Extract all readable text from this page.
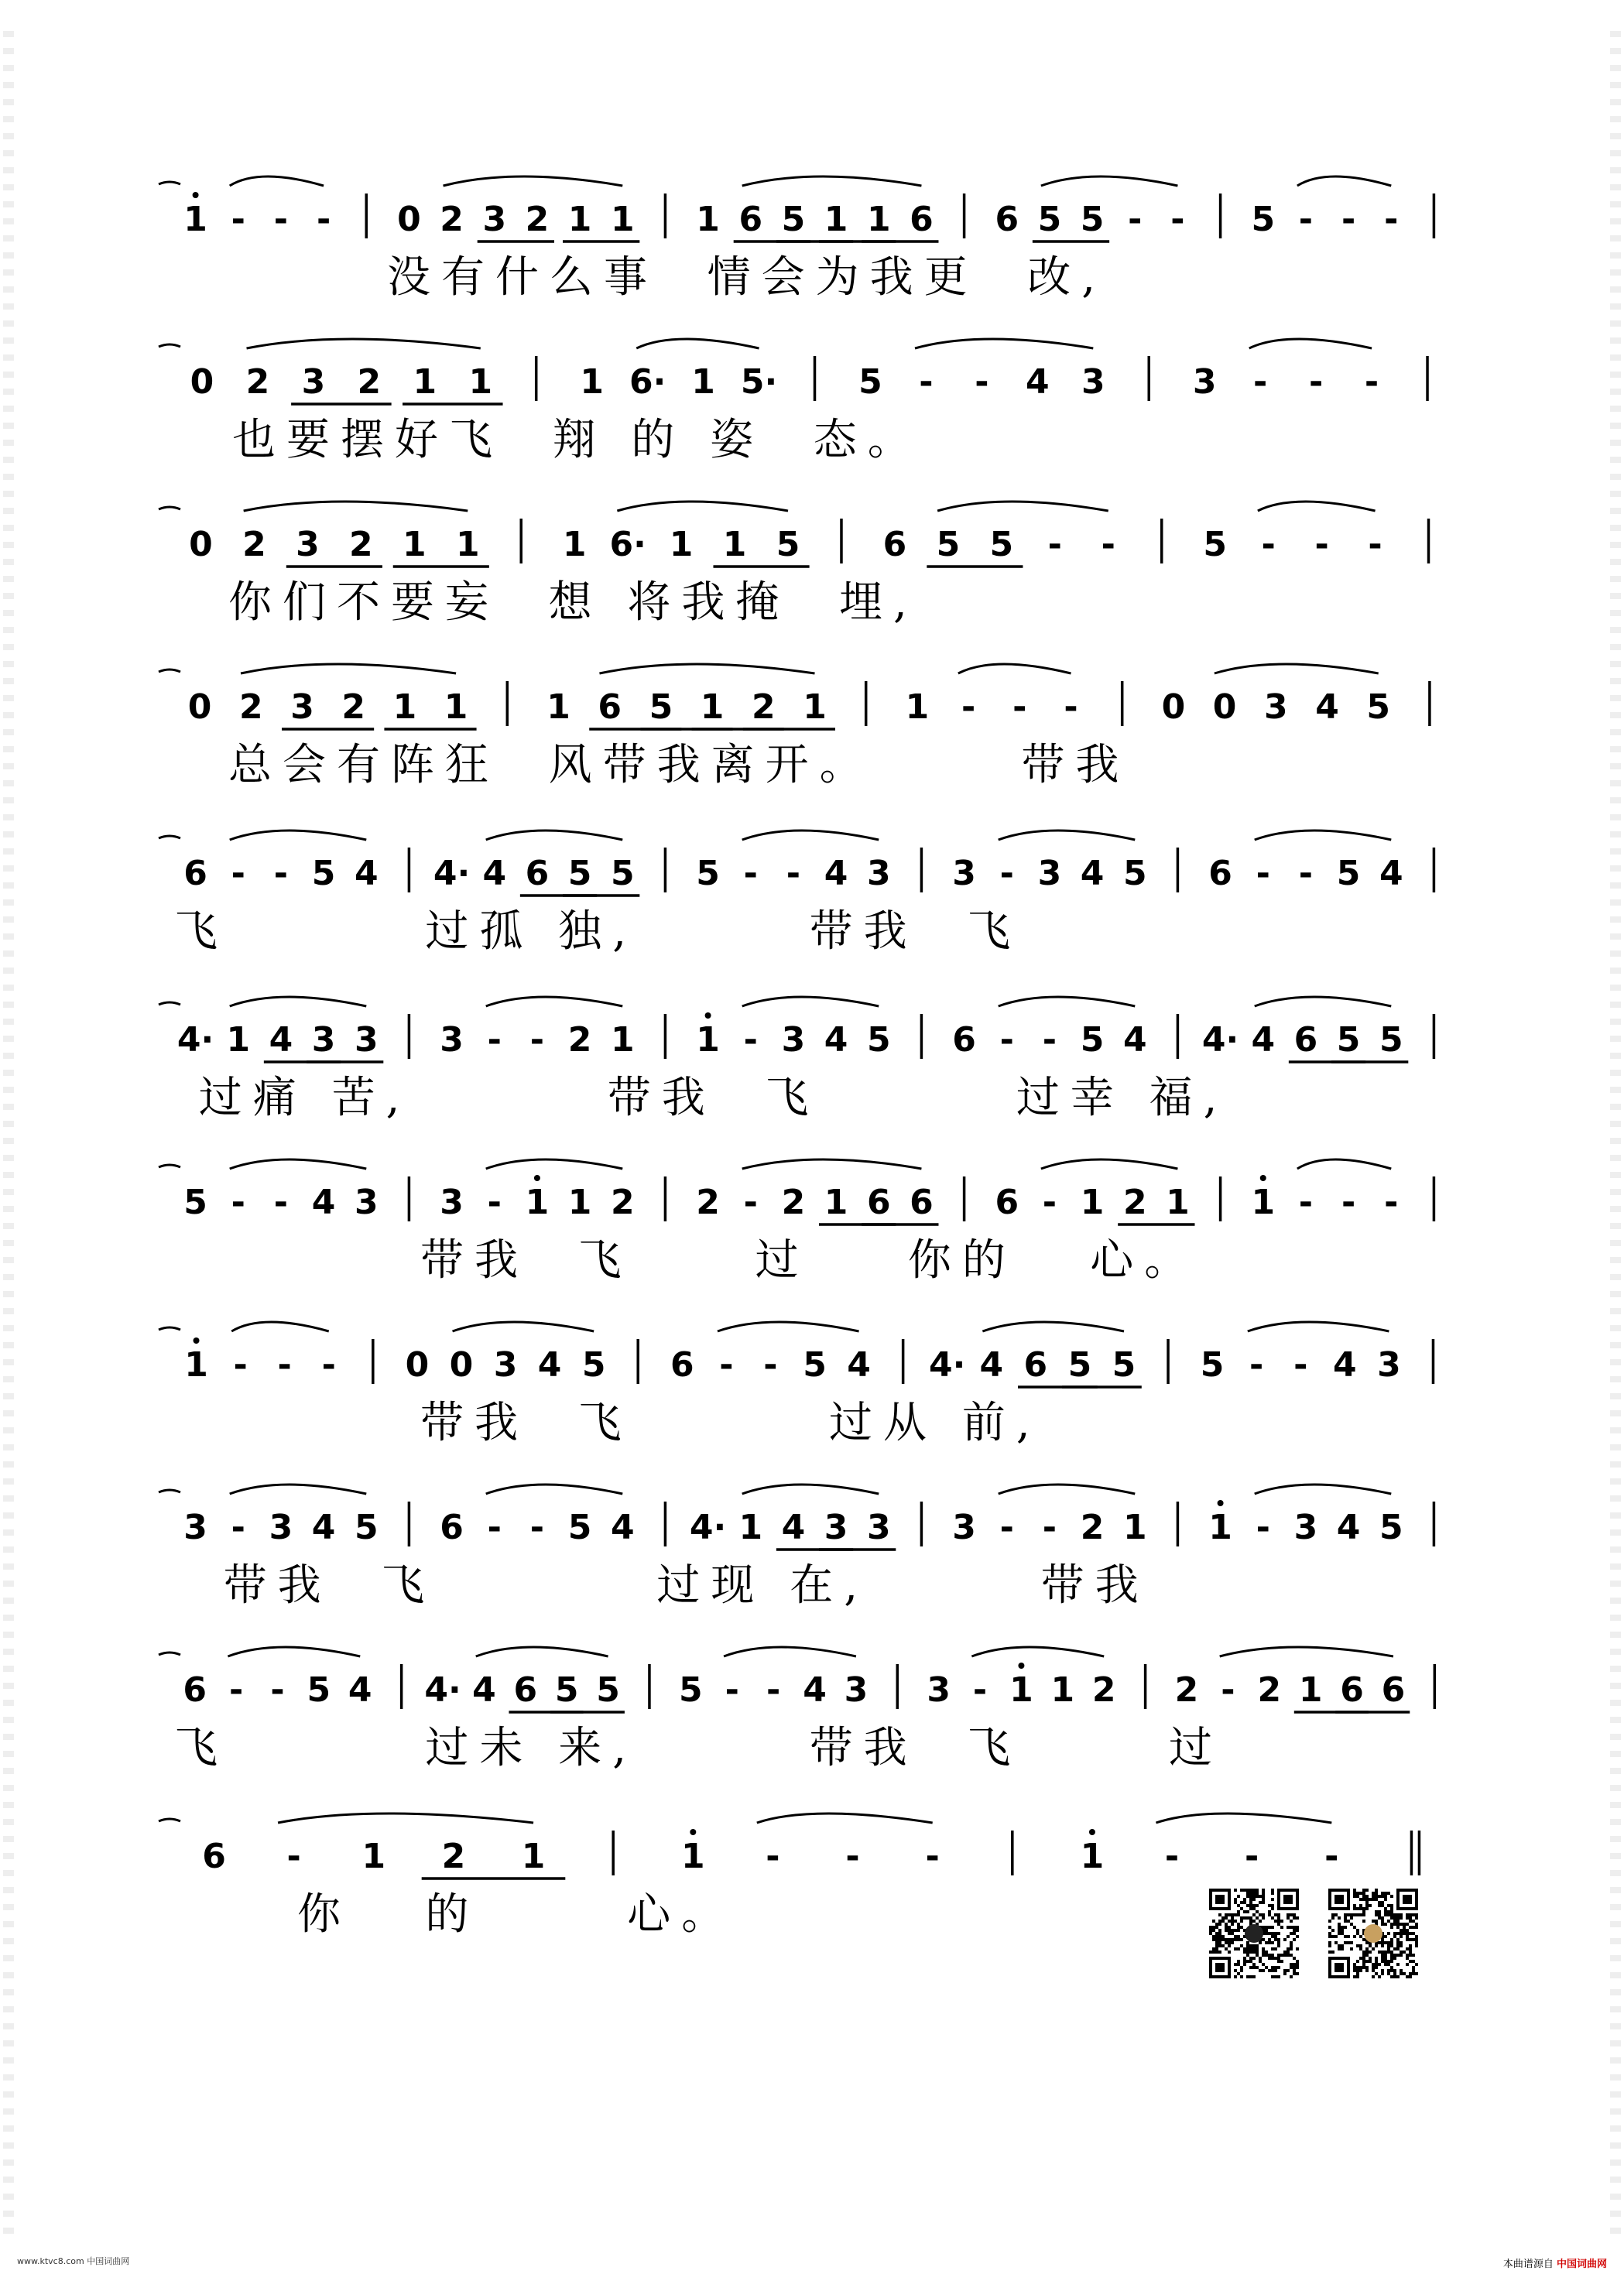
1 - - - 0 2 3 2 1 1 1 6 5 1 1 6 6 5 5 - - 5 - - -

没有什么事  情会为我更  改,

0 2 3 2 1 1	1 6· 1 5· 5 - - 4 3	3 - - -

也要摆好飞  翔 的 姿  态。

0 2 3 2 1 1 1 6· 1 1 5 6 5 5 - -	5 - - -

你们不要妄  想 将我掩  埋,

0 2 3 2 1 1 1 6 5 1 2 1 1 - - - 0 0 3 4 5

总会有阵狂  风带我离开。      带我

6 - - 5 4 4· 4 6 5 5 5 - - 4 3 3 - 3 4 5 6 - - 5 4

飞        过孤 独,       带我  飞

4· 1 4 3 3 3 - - 2 1 1 - 3 4 5 6 - - 5 4 4· 4 6 5 5

过痛 苦,        带我  飞        过幸 福,

5 - - 4 3 3 - 1 1 2 2 - 2 1 6 6 6 - 1 2 1 1 - - -

带我  飞     过    你的   心。

1 - - - 0 0 3 4 5 6 - - 5 4 4· 4 6 5 5 5 - - 4 3

带我  飞        过从 前,

3 - 3 4 5 6 - - 5 4 4· 1 4 3 3 3 - - 2 1 1 - 3 4 5

带我  飞         过现 在,       带我

6 - - 5 4 4· 4 6 5 5 5 - - 4 3 3 - 1 1 2 2 - 2 1 6 6

飞        过未 来,       带我  飞      过

6 - 1 2 1	1 - - -	1 - - -

你   的      心。

www.ktvc8.com 中国词曲网	本曲谱源自 中国词曲网
